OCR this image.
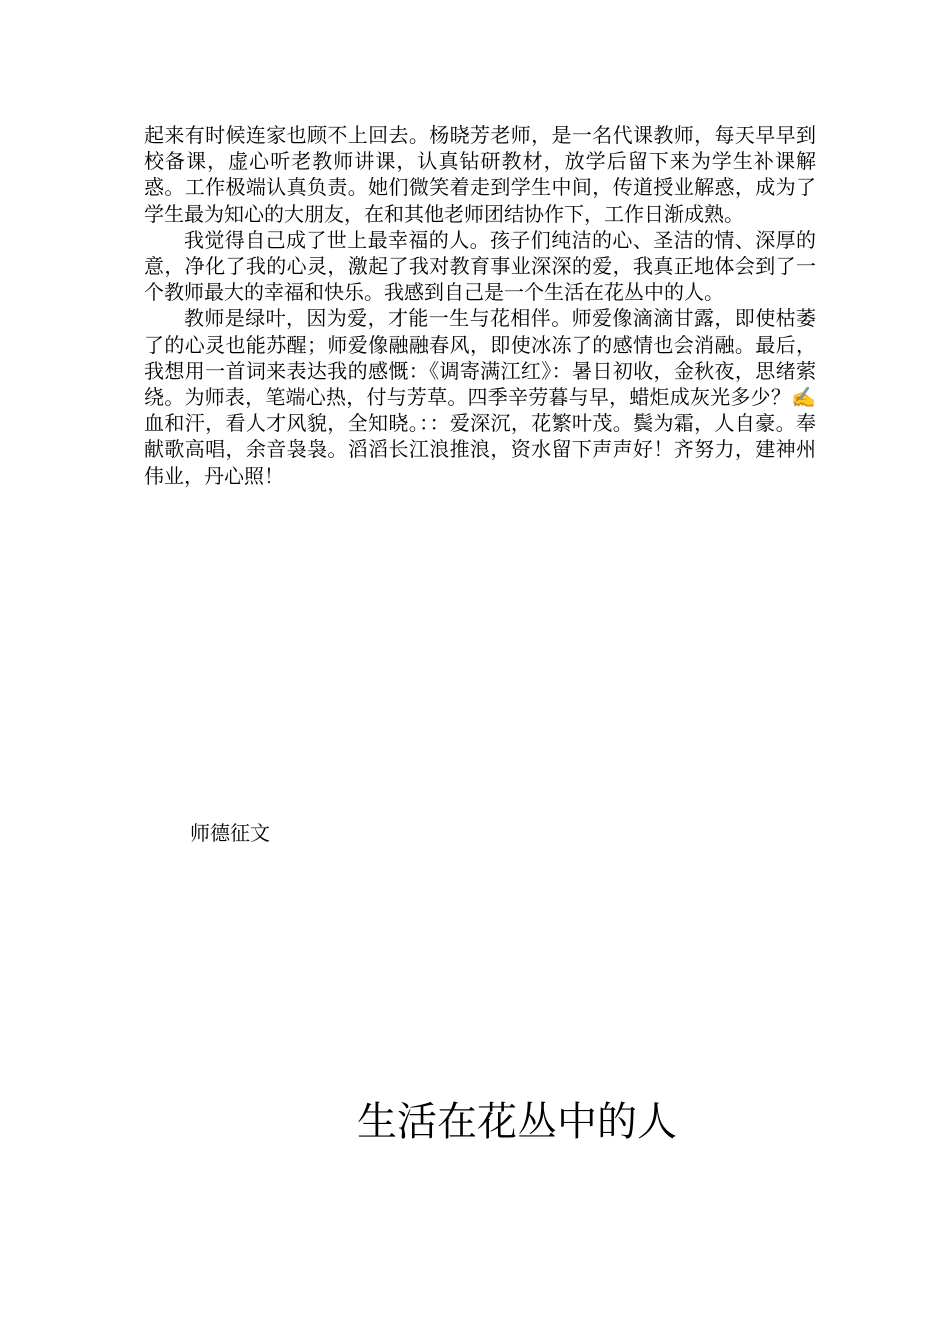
起来有时候连家也顾不上回去。杨晓芳老师，是一名代课教师，每天早早到校备课，虚心听老教师讲课，认真钻研教材，放学后留下来为学生补课解惑。工作极端认真负责。她们微笑着走到学生中间，传道授业解惑，成为了学生最为知心的大朋友，在和其他老师团结协作下，工作日渐成熟。

我觉得自己成了世上最幸福的人。孩子们纯洁的心、圣洁的情、深厚的意，净化了我的心灵，激起了我对教育事业深深的爱，我真正地体会到了一个教师最大的幸福和快乐。我感到自己是一个生活在花丛中的人。

教师是绿叶，因为爱，才能一生与花相伴。师爱像滴滴甘露，即使枯萎了的心灵也能苏醒；师爱像融融春风，即使冰冻了的感情也会消融。最后，我想用一首词来表达我的感慨：《调寄满江红》：暑日初收，金秋夜，思绪萦绕。为师表，笔端心热，付与芳草。四季辛劳暮与早，蜡炬成灰光多少？✍血和汗，看人才风貌，全知晓。：：爱深沉，花繁叶茂。鬓为霜，人自豪。奉献歌高唱，余音袅袅。滔滔长江浪推浪，资水留下声声好！齐努力，建神州伟业，丹心照！

师德征文

生活在花丛中的人
